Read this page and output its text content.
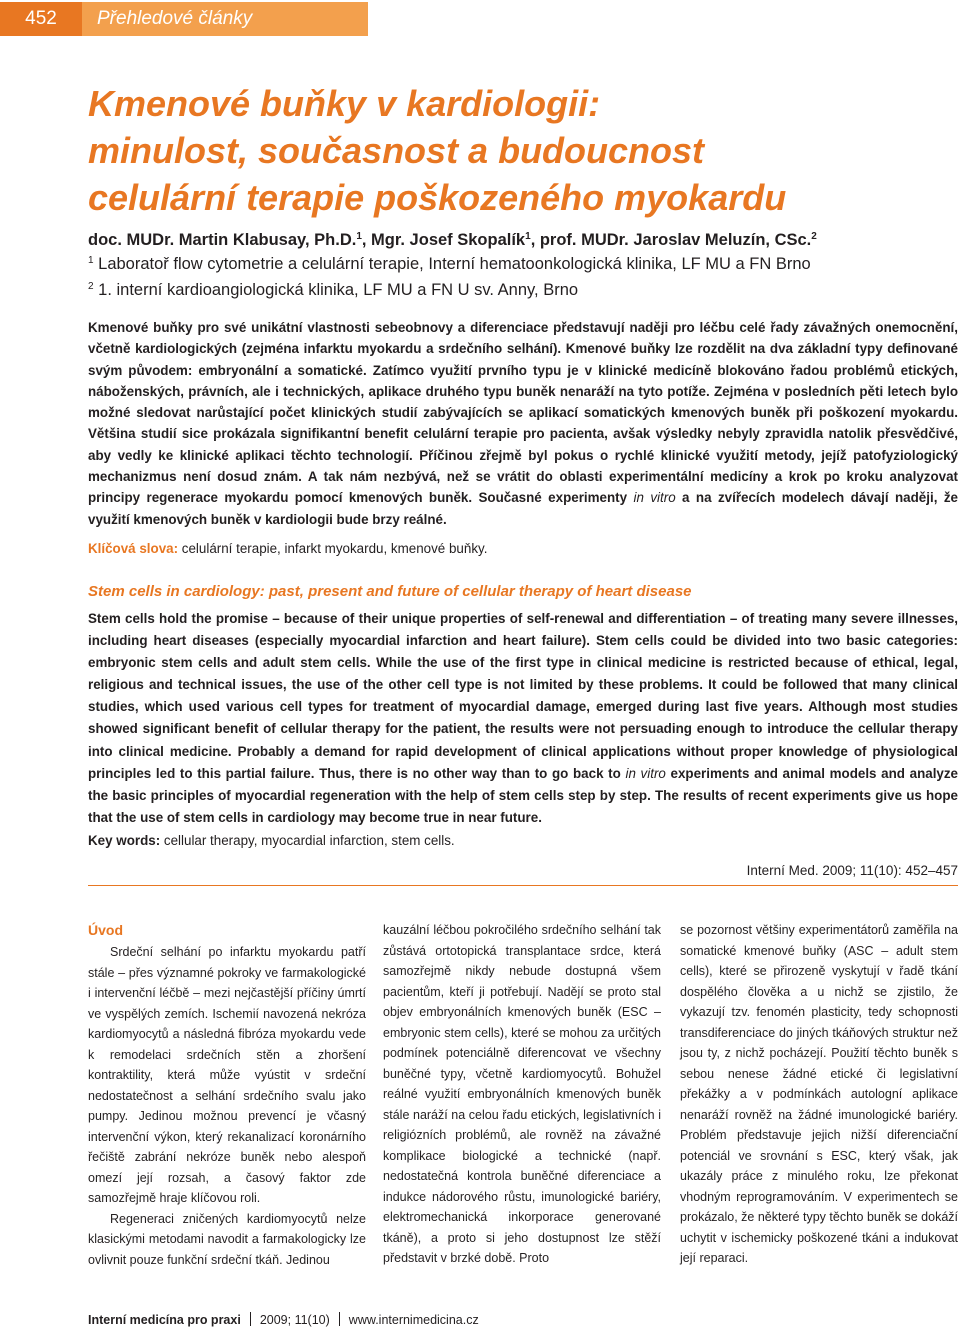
452	Přehledové články
Kmenové buňky v kardiologii:
minulost, současnost a budoucnost
celulární terapie poškozeného myokardu
doc. MUDr. Martin Klabusay, Ph.D.$^1$, Mgr. Josef Skopalík$^1$, prof. MUDr. Jaroslav Meluzín, CSc.$^2$
$^1$ Laboratoř flow cytometrie a celulární terapie, Interní hematoonkologická klinika, LF MU a FN Brno
$^2$ 1. interní kardioangiologická klinika, LF MU a FN U sv. Anny, Brno

Kmenové buňky pro své unikátní vlastnosti sebeobnovy a diferenciace představují naději pro léčbu celé řady závažných onemocnění, včetně kardiologických (zejména infarktu myokardu a srdečního selhání). Kmenové buňky lze rozdělit na dva základní typy definované svým původem: embryonální a somatické. Zatímco využití prvního typu je v klinické medicíně blokováno řadou problémů etických, náboženských, právních, ale i technických, aplikace druhého typu buněk nenaráží na tyto potíže. Zejména v posledních pěti letech bylo možné sledovat narůstající počet klinických studií zabývajících se aplikací somatických kmenových buněk při poškození myokardu. Většina studií sice prokázala signifikantní benefit celulární terapie pro pacienta, avšak výsledky nebyly zpravidla natolik přesvědčivé, aby vedly ke klinické aplikaci těchto technologií. Příčinou zřejmě byl pokus o rychlé klinické využití metody, jejíž patofyziologický mechanizmus není dosud znám. A tak nám nezbývá, než se vrátit do oblasti experimentální medicíny a krok po kroku analyzovat principy regenerace myokardu pomocí kmenových buněk. Současné experimenty in vitro a na zvířecích modelech dávají naději, že využití kmenových buněk v kardiologii bude brzy reálné.

Klíčová slova: celulární terapie, infarkt myokardu, kmenové buňky.
Stem cells in cardiology: past, present and future of cellular therapy of heart disease

Stem cells hold the promise – because of their unique properties of self-renewal and differentiation – of treating many severe illnesses, including heart diseases (especially myocardial infarction and heart failure). Stem cells could be divided into two basic categories: embryonic stem cells and adult stem cells. While the use of the first type in clinical medicine is restricted because of ethical, legal, religious and technical issues, the use of the other cell type is not limited by these problems. It could be followed that many clinical studies, which used various cell types for treatment of myocardial damage, emerged during last five years. Although most studies showed significant benefit of cellular therapy for the patient, the results were not persuading enough to introduce the cellular therapy into clinical medicine. Probably a demand for rapid development of clinical applications without proper knowledge of physiological principles led to this partial failure. Thus, there is no other way than to go back to in vitro experiments and animal models and analyze the basic principles of myocardial regeneration with the help of stem cells step by step. The results of recent experiments give us hope that the use of stem cells in cardiology may become true in near future.

Key words: cellular therapy, myocardial infarction, stem cells.
Interní Med. 2009; 11(10): 452–457
Úvod

Srdeční selhání po infarktu myokardu patří stále – přes významné pokroky ve farmakologické i intervenční léčbě – mezi nejčastější příčiny úmrtí ve vyspělých zemích. Ischemií navozená nekróza kardiomyocytů a následná fibróza myokardu vede k remodelaci srdečních stěn a zhoršení kontraktility, která může vyústit v srdeční nedostatečnost a selhání srdečního svalu jako pumpy. Jedinou možnou prevencí je včasný intervenční výkon, který rekanalizací koronárního řečiště zabrání nekróze buněk nebo alespoň omezí její rozsah, a časový faktor zde samozřejmě hraje klíčovou roli.

Regeneraci zničených kardiomyocytů nelze klasickými metodami navodit a farmakologicky lze ovlivnit pouze funkční srdeční tkáň. Jedinou

kauzální léčbou pokročilého srdečního selhání tak zůstává ortotopická transplantace srdce, která samozřejmě nikdy nebude dostupná všem pacientům, kteří ji potřebují. Nadějí se proto stal objev embryonálních kmenových buněk (ESC – embryonic stem cells), které se mohou za určitých podmínek potenciálně diferencovat ve všechny buněčné typy, včetně kardiomyocytů. Bohužel reálné využití embryonálních kmenových buněk stále naráží na celou řadu etických, legislativních i religiózních problémů, ale rovněž na závažné komplikace biologické a technické (např. nedostatečná kontrola buněčné diferenciace a indukce nádorového růstu, imunologické bariéry, elektromechanická inkorporace generované tkáně), a proto si jeho dostupnost lze stěží představit v brzké době. Proto

se pozornost většiny experimentátorů zaměřila na somatické kmenové buňky (ASC – adult stem cells), které se přirozeně vyskytují v řadě tkání dospělého člověka a u nichž se zjistilo, že vykazují tzv. fenomén plasticity, tedy schopnosti transdiferenciace do jiných tkáňových struktur než jsou ty, z nichž pocházejí. Použití těchto buněk s sebou nenese žádné etické či legislativní překážky a v podmínkách autologní aplikace nenaráží rovněž na žádné imunologické bariéry. Problém představuje jejich nižší diferenciační potenciál ve srovnání s ESC, který však, jak ukazály práce z minulého roku, lze překonat vhodným reprogramováním. V experimentech se prokázalo, že některé typy těchto buněk se dokáží uchytit v ischemicky poškozené tkáni a indukovat její reparaci.

Interní medicína pro praxi 2009; 11(10) www.internimedicina.cz
